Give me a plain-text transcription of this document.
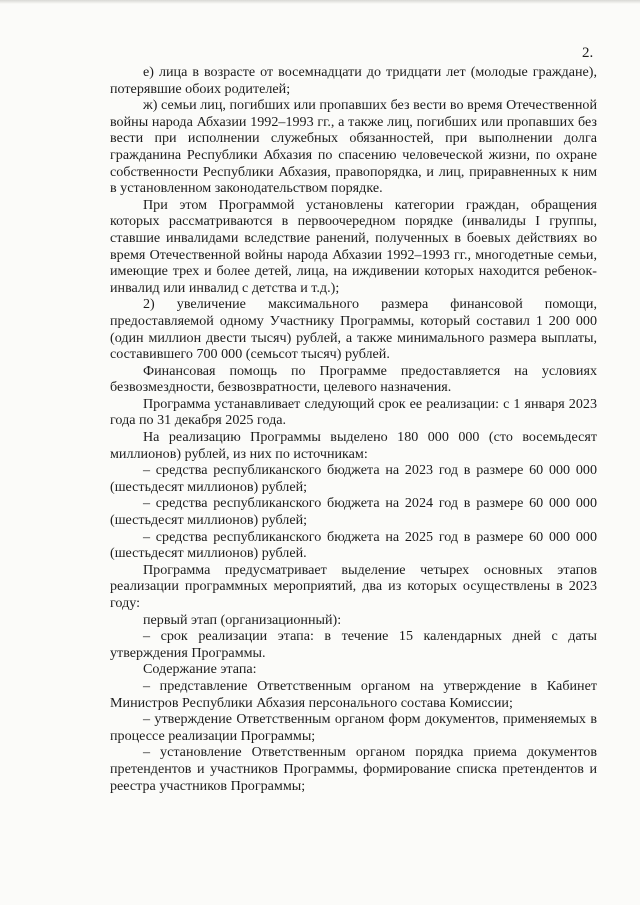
2.

е) лица в возрасте от восемнадцати до тридцати лет (молодые граждане), потерявшие обоих родителей;

ж) семьи лиц, погибших или пропавших без вести во время Отечественной войны народа Абхазии 1992–1993 гг., а также лиц, погибших или пропавших без вести при исполнении служебных обязанностей, при выполнении долга гражданина Республики Абхазия по спасению человеческой жизни, по охране собственности Республики Абхазия, правопорядка, и лиц, приравненных к ним в установленном законодательством порядке.

При этом Программой установлены категории граждан, обращения которых рассматриваются в первоочередном порядке (инвалиды I группы, ставшие инвалидами вследствие ранений, полученных в боевых действиях во время Отечественной войны народа Абхазии 1992–1993 гг., многодетные семьи, имеющие трех и более детей, лица, на иждивении которых находится ребенок-инвалид или инвалид с детства и т.д.);

2) увеличение максимального размера финансовой помощи, предоставляемой одному Участнику Программы, который составил 1 200 000 (один миллион двести тысяч) рублей, а также минимального размера выплаты, составившего 700 000 (семьсот тысяч) рублей.

Финансовая помощь по Программе предоставляется на условиях безвозмездности, безвозвратности, целевого назначения.

Программа устанавливает следующий срок ее реализации: с 1 января 2023 года по 31 декабря 2025 года.

На реализацию Программы выделено 180 000 000 (сто восемьдесят миллионов) рублей, из них по источникам:

– средства республиканского бюджета на 2023 год в размере 60 000 000 (шестьдесят миллионов) рублей;

– средства республиканского бюджета на 2024 год в размере 60 000 000 (шестьдесят миллионов) рублей;

– средства республиканского бюджета на 2025 год в размере 60 000 000 (шестьдесят миллионов) рублей.

Программа предусматривает выделение четырех основных этапов реализации программных мероприятий, два из которых осуществлены в 2023 году:

первый этап (организационный):

– срок реализации этапа: в течение 15 календарных дней с даты утверждения Программы.

Содержание этапа:

– представление Ответственным органом на утверждение в Кабинет Министров Республики Абхазия персонального состава Комиссии;

– утверждение Ответственным органом форм документов, применяемых в процессе реализации Программы;

– установление Ответственным органом порядка приема документов претендентов и участников Программы, формирование списка претендентов и реестра участников Программы;
